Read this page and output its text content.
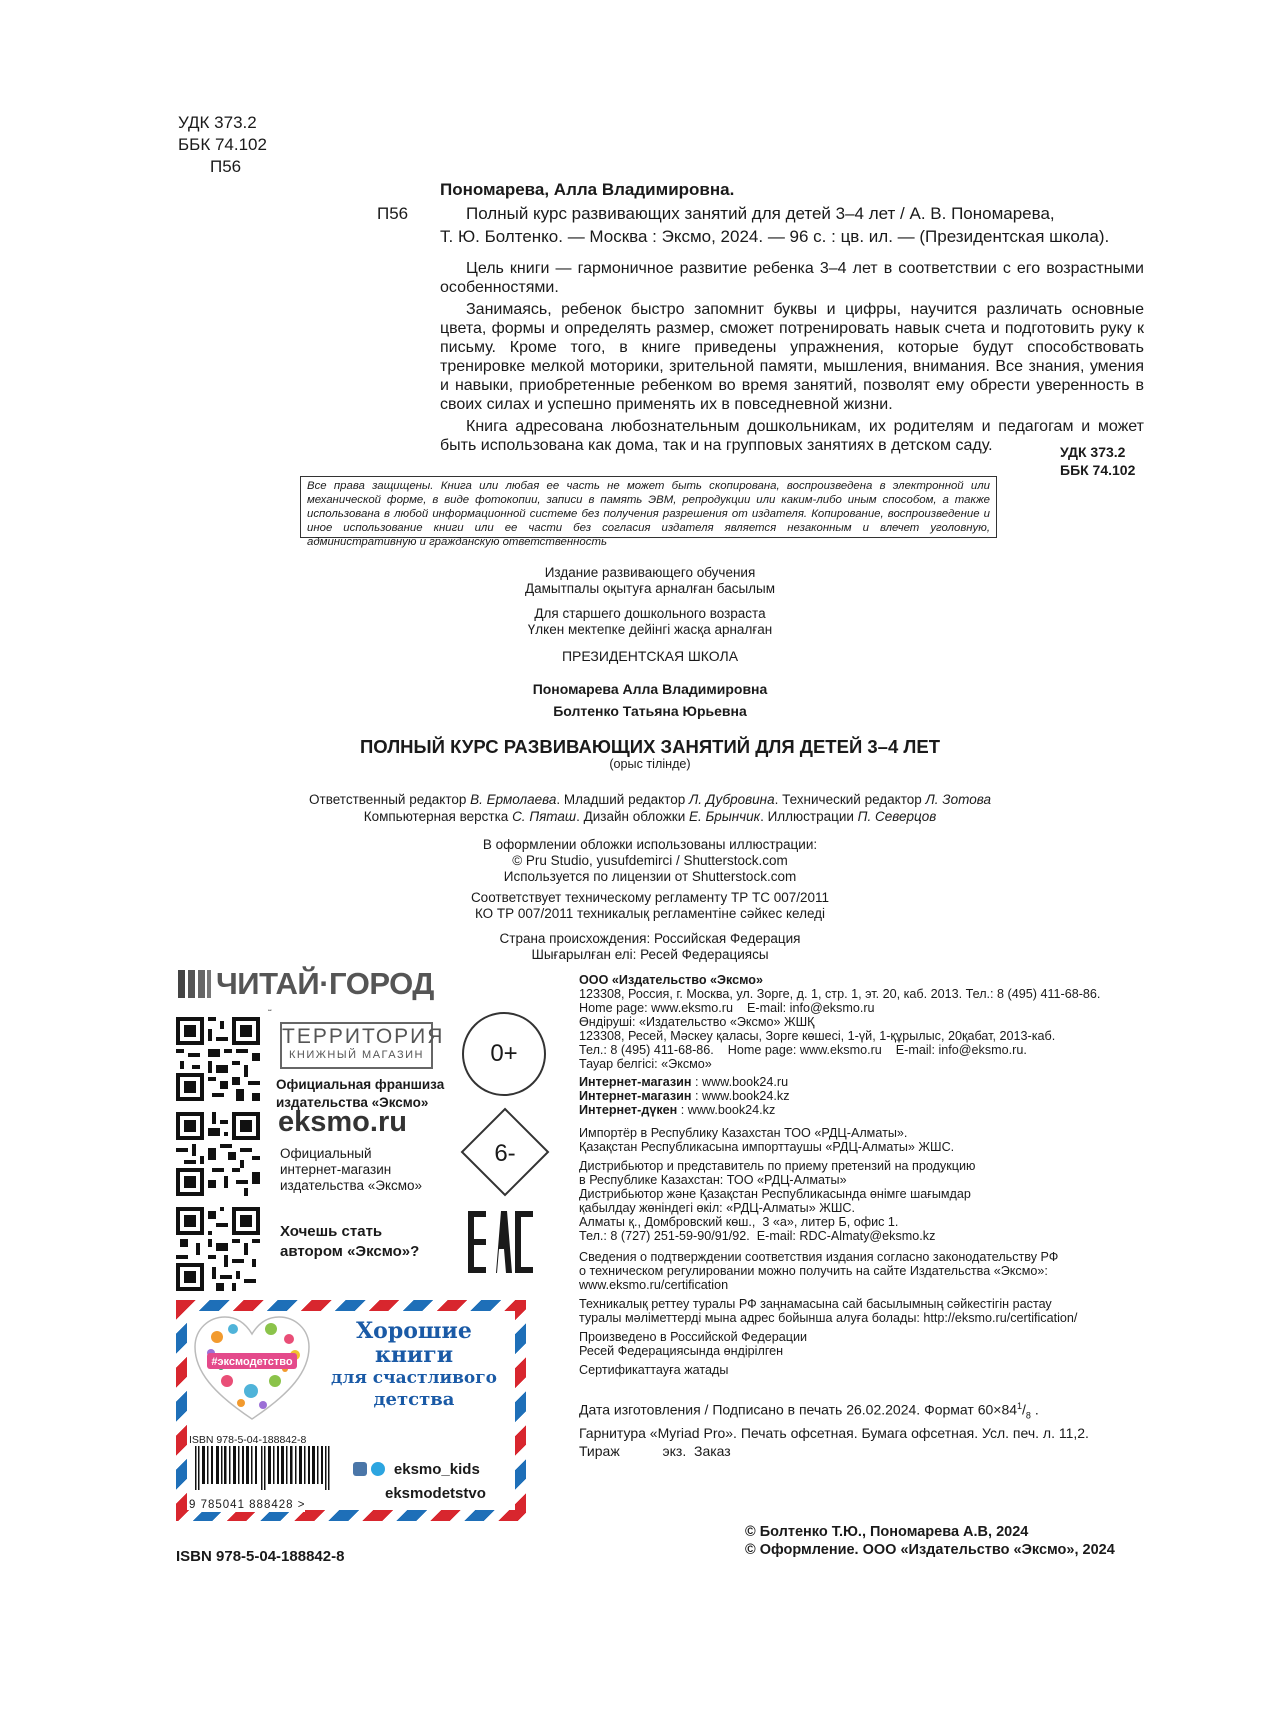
УДК 373.2
ББК 74.102
П56
Пономарева, Алла Владимировна.
П56	Полный курс развивающих занятий для детей 3–4 лет / А. В. Пономарева,
Т. Ю. Болтенко. — Москва : Эксмо, 2024. — 96 с. : цв. ил. — (Президентская школа).

Цель книги — гармоничное развитие ребенка 3–4 лет в соответствии с его возрастными особенностями.

Занимаясь, ребенок быстро запомнит буквы и цифры, научится различать основные цвета, формы и определять размер, сможет потренировать навык счета и подготовить руку к письму. Кроме того, в книге приведены упражнения, которые будут способствовать тренировке мелкой моторики, зрительной памяти, мышления, внимания. Все знания, умения и навыки, приобретенные ребенком во время занятий, позволят ему обрести уверенность в своих силах и успешно применять их в повседневной жизни.

Книга адресована любознательным дошкольникам, их родителям и педагогам и может быть использована как дома, так и на групповых занятиях в детском саду.	УДК 373.2
ББК 74.102

Все права защищены. Книга или любая ее часть не может быть скопирована, воспроизведена в электронной или механической форме, в виде фотокопии, записи в память ЭВМ, репродукции или каким-либо иным способом, а также использована в любой информационной системе без получения разрешения от издателя. Копирование, воспроизведение и иное использование книги или ее части без согласия издателя является незаконным и влечет уголовную, административную и гражданскую ответственность

Издание развивающего обучения
Дамытпалы оқытуға арналған басылым
Для старшего дошкольного возраста
Үлкен мектепке дейінгі жасқа арналған
ПРЕЗИДЕНТСКАЯ ШКОЛА
Пономарева Алла Владимировна
Болтенко Татьяна Юрьевна
ПОЛНЫЙ КУРС РАЗВИВАЮЩИХ ЗАНЯТИЙ ДЛЯ ДЕТЕЙ 3–4 ЛЕТ
(орыс тілінде)
Ответственный редактор В. Ермолаева. Младший редактор Л. Дубровина. Технический редактор Л. Зотова
Компьютерная верстка С. Пяташ. Дизайн обложки Е. Брынчик. Иллюстрации П. Северцов
В оформлении обложки использованы иллюстрации:
© Pru Studio, yusufdemirci / Shutterstock.com
Используется по лицензии от Shutterstock.com
Соответствует техническому регламенту ТР ТС 007/2011
КО ТР 007/2011 техникалық регламентіне сәйкес келеді
Страна происхождения: Российская Федерация
Шығарылған елі: Ресей Федерациясы
ЧИТАЙ·ГОРОД
ТЕРРИТОРИЯ
КНИЖНЫЙ МАГАЗИН
Официальная франшиза издательства «Эксмо»
eksmo.ru
Официальный
интернет-магазин
издательства «Эксмо»
Хочешь стать
автором «Эксмо»?
0+
6-
EAC
#эксмодетство
Хорошие
книги
для счастливого
детства
ISBN 978-5-04-188842-8
9 785041 888428 >
eksmo_kids
eksmodetstvo
ISBN 978-5-04-188842-8
ООО «Издательство «Эксмо»
123308, Россия, г. Москва, ул. Зорге, д. 1, стр. 1, эт. 20, каб. 2013. Тел.: 8 (495) 411-68-86.
Home page: www.eksmo.ru    E-mail: info@eksmo.ru
Өндіруші: «Издательство «Эксмо» ЖШҚ
123308, Ресей, Мәскеу қаласы, Зорге көшесі, 1-үй, 1-құрылыс, 20қабат, 2013-каб.
Тел.: 8 (495) 411-68-86.    Home page: www.eksmo.ru    E-mail: info@eksmo.ru.
Тауар белгісі: «Эксмо»
Интернет-магазин : www.book24.ru
Интернет-магазин : www.book24.kz
Интернет-дүкен : www.book24.kz
Импортёр в Республику Казахстан ТОО «РДЦ-Алматы».
Қазақстан Республикасына импорттаушы «РДЦ-Алматы» ЖШС.
Дистрибьютор и представитель по приему претензий на продукцию
в Республике Казахстан: ТОО «РДЦ-Алматы»
Дистрибьютор және Қазақстан Республикасында өнімге шағымдар
қабылдау жөніндегі өкіл: «РДЦ-Алматы» ЖШС.
Алматы қ., Домбровский көш.,  3 «а», литер Б, офис 1.
Тел.: 8 (727) 251-59-90/91/92.  E-mail: RDC-Almaty@eksmo.kz
Сведения о подтверждении соответствия издания согласно законодательству РФ
о техническом регулировании можно получить на сайте Издательства «Эксмо»:
www.eksmo.ru/certification
Техникалық реттеу туралы РФ заңнамасына сай басылымның сәйкестігін растау
туралы мәліметтерді мына адрес бойынша алуға болады: http://eksmo.ru/certification/
Произведено в Российской Федерации
Ресей Федерациясында өндірілген
Сертификаттауға жатады
Дата изготовления / Подписано в печать 26.02.2024. Формат $60\times 84^1/_8$ .
Гарнитура «Myriad Pro». Печать офсетная. Бумага офсетная. Усл. печ. л. 11,2.
Тираж           экз.  Заказ
© Болтенко Т.Ю., Пономарева А.В, 2024
© Оформление. ООО «Издательство «Эксмо», 2024
